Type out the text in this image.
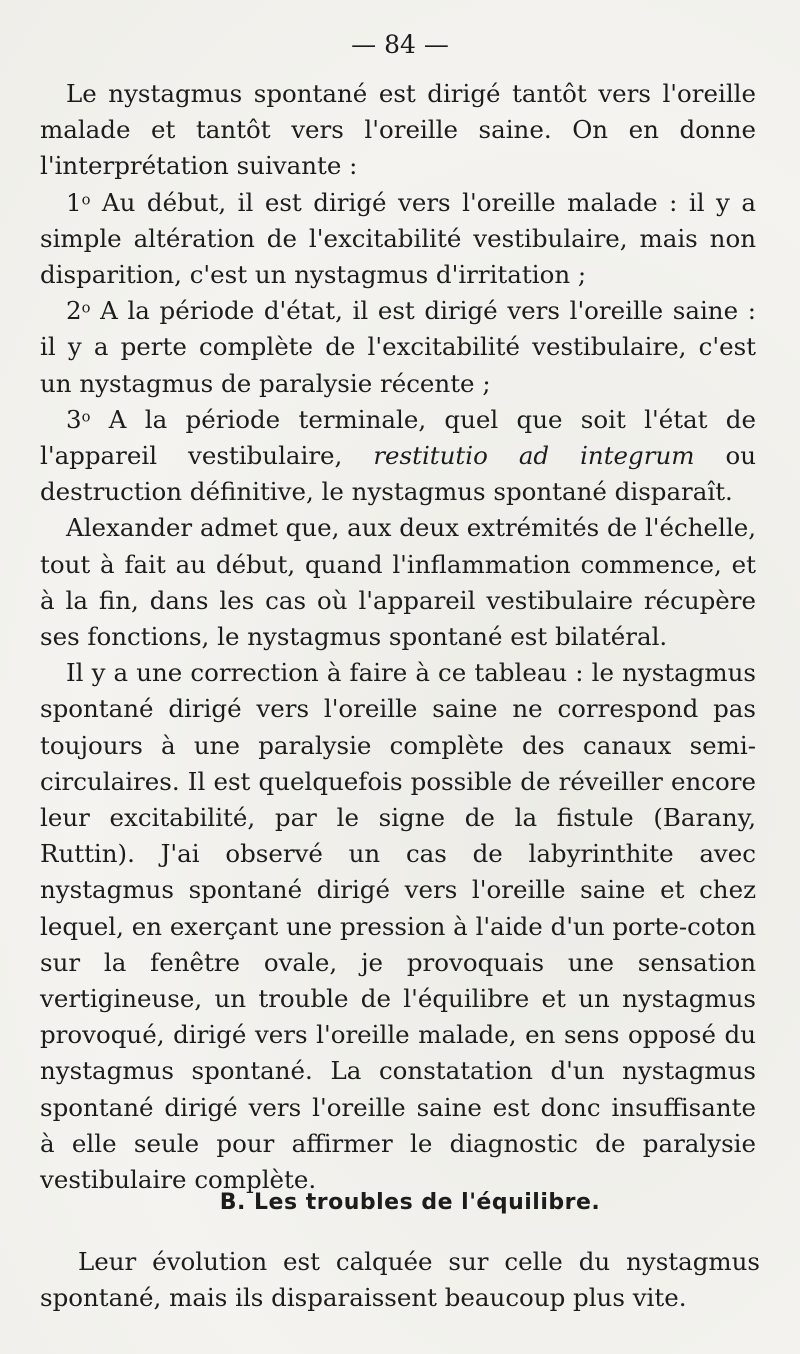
— 84 —

Le nystagmus spontané est dirigé tantôt vers l'oreille malade et tantôt vers l'oreille saine. On en donne l'interprétation suivante :

1$^o$ Au début, il est dirigé vers l'oreille malade : il y a simple altération de l'excitabilité vestibulaire, mais non disparition, c'est un nystagmus d'irritation ;

2$^o$ A la période d'état, il est dirigé vers l'oreille saine : il y a perte complète de l'excitabilité vestibulaire, c'est un nystagmus de paralysie récente ;

3$^o$ A la période terminale, quel que soit l'état de l'appareil vestibulaire, restitutio ad integrum ou destruction définitive, le nystagmus spontané disparaît.

Alexander admet que, aux deux extrémités de l'échelle, tout à fait au début, quand l'inflammation commence, et à la fin, dans les cas où l'appareil vestibulaire récupère ses fonctions, le nystagmus spontané est bilatéral.

Il y a une correction à faire à ce tableau : le nystagmus spontané dirigé vers l'oreille saine ne correspond pas toujours à une paralysie complète des canaux semi-circulaires. Il est quelquefois possible de réveiller encore leur excitabilité, par le signe de la fistule (Barany, Ruttin). J'ai observé un cas de labyrinthite avec nystagmus spontané dirigé vers l'oreille saine et chez lequel, en exerçant une pression à l'aide d'un porte-coton sur la fenêtre ovale, je provoquais une sensation vertigineuse, un trouble de l'équilibre et un nystagmus provoqué, dirigé vers l'oreille malade, en sens opposé du nystagmus spontané. La constatation d'un nystagmus spontané dirigé vers l'oreille saine est donc insuffisante à elle seule pour affirmer le diagnostic de paralysie vestibulaire complète.

B. Les troubles de l'équilibre.

Leur évolution est calquée sur celle du nystagmus spontané, mais ils disparaissent beaucoup plus vite.
